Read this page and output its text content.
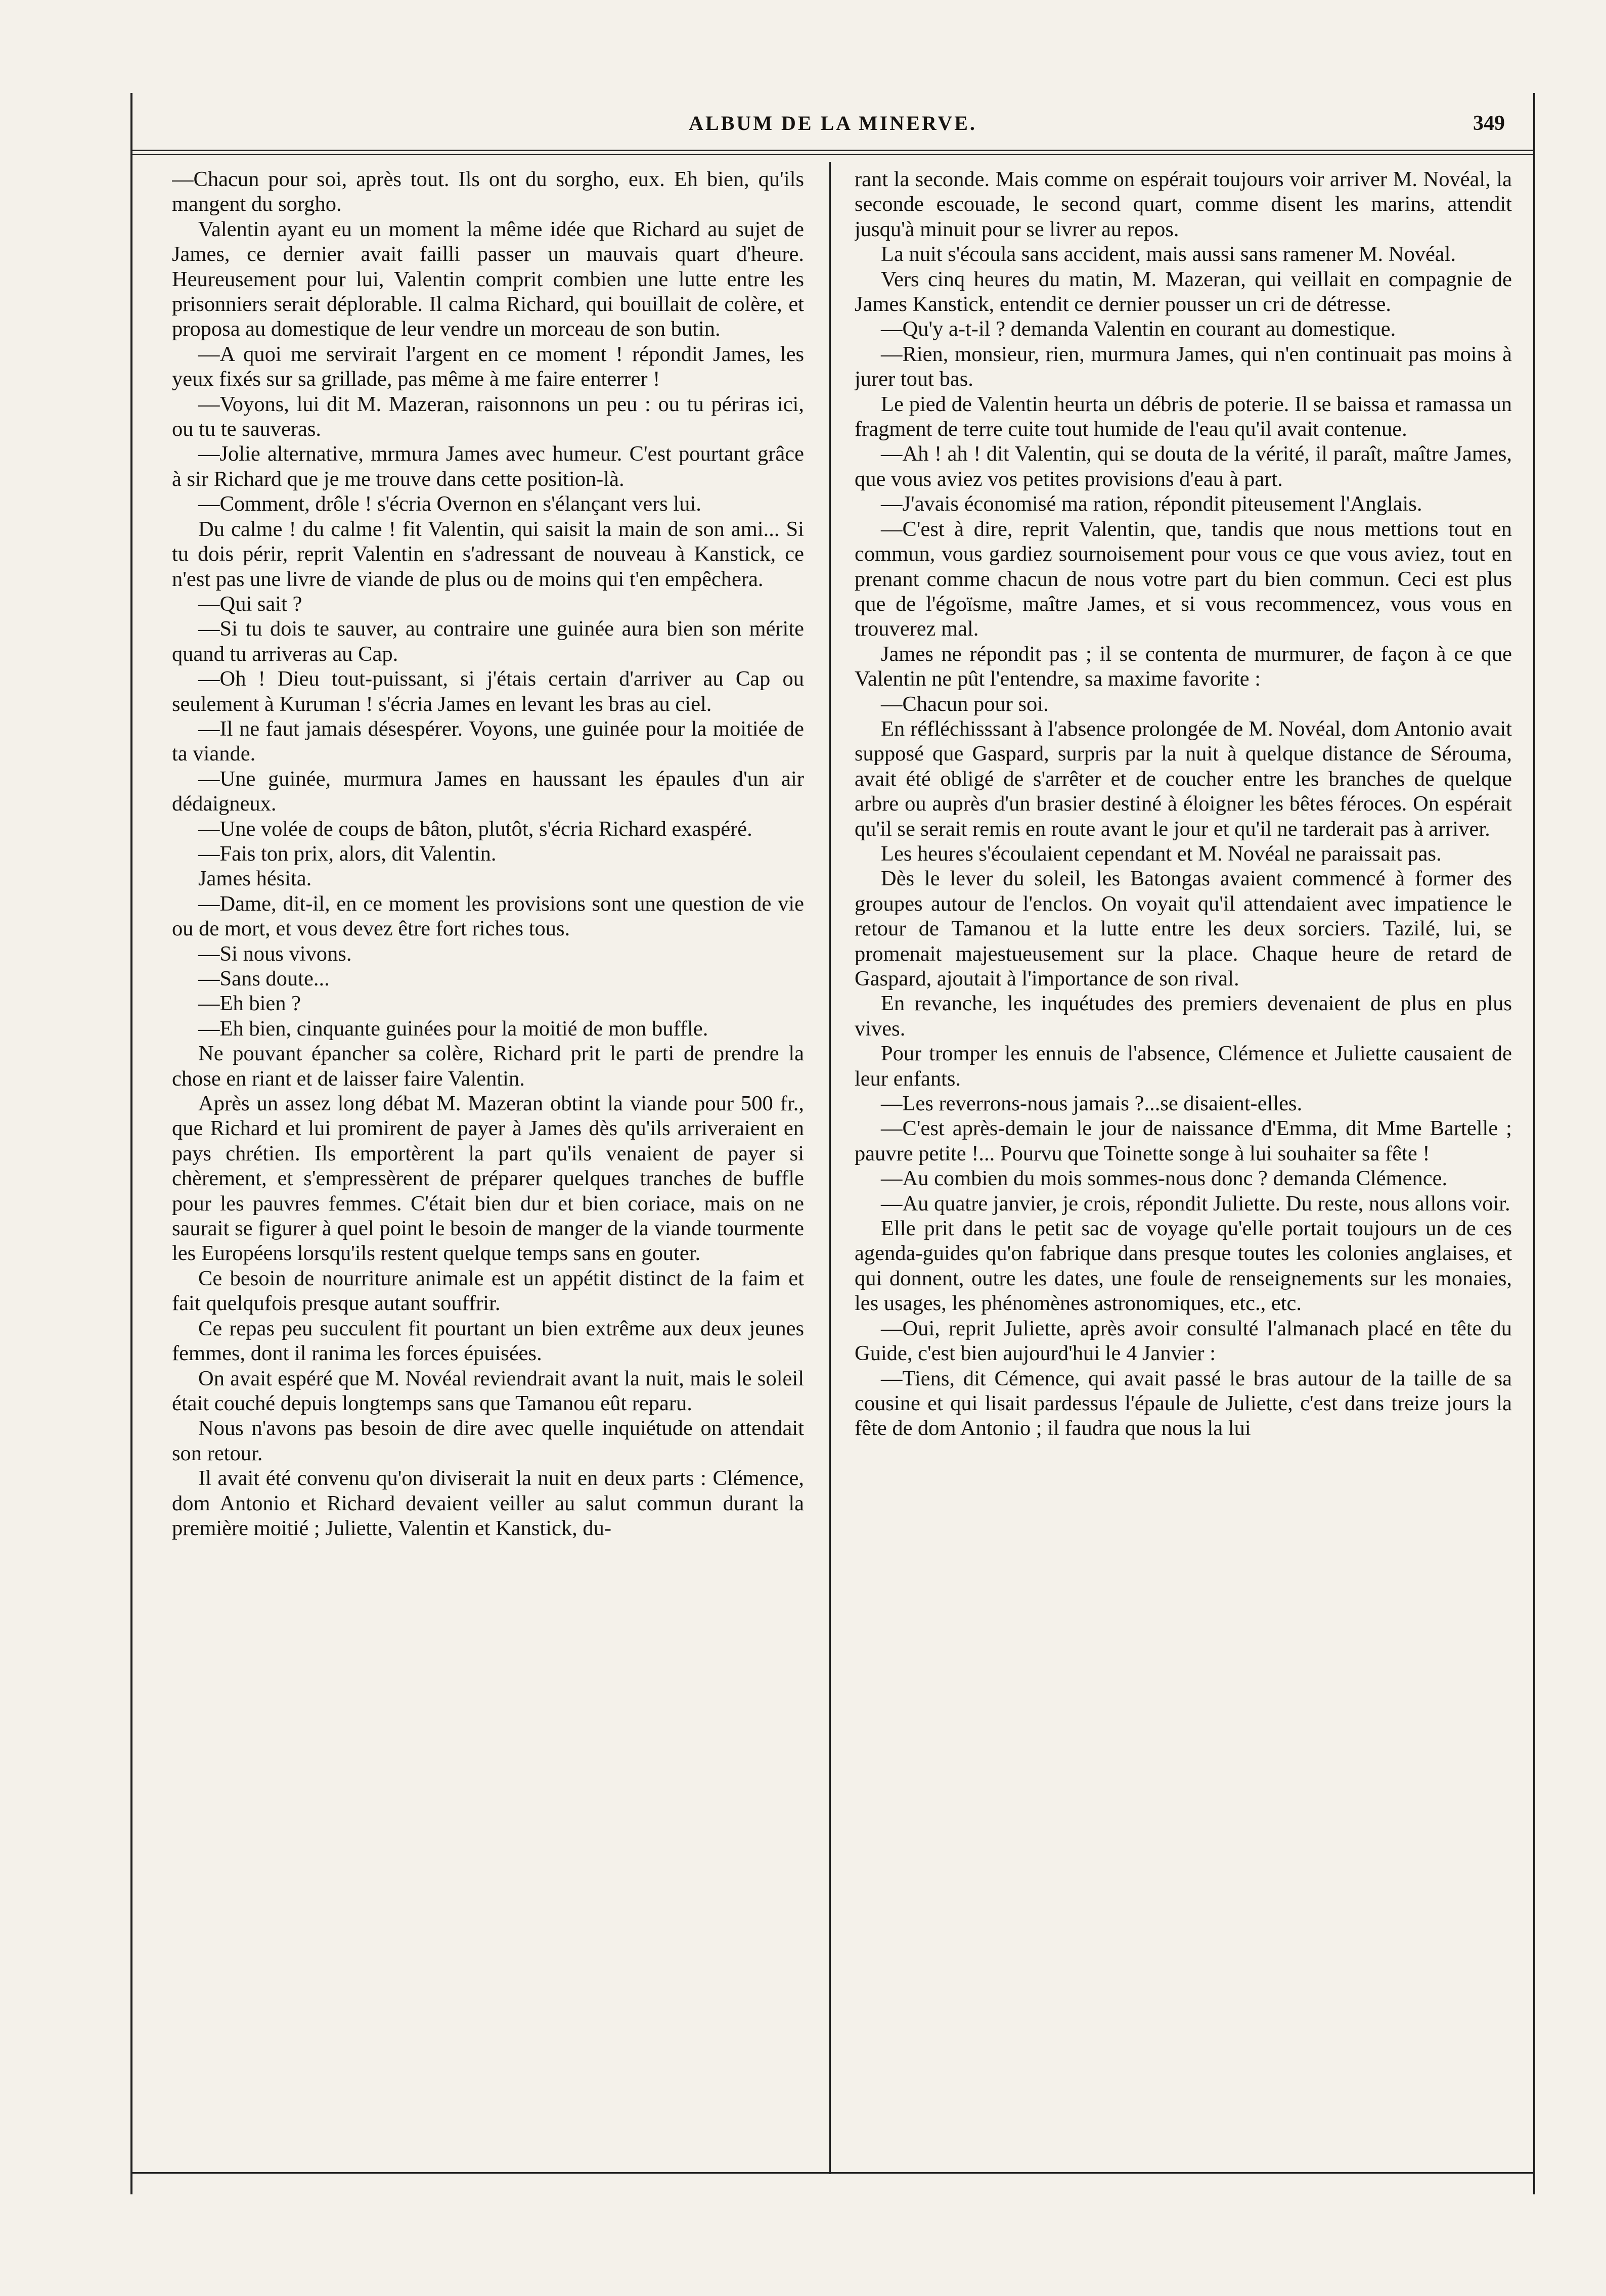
ALBUM DE LA MINERVE.	349

—Chacun pour soi, après tout. Ils ont du sorgho, eux. Eh bien, qu'ils mangent du sorgho.

Valentin ayant eu un moment la même idée que Richard au sujet de James, ce dernier avait failli passer un mauvais quart d'heure. Heureusement pour lui, Valentin comprit combien une lutte entre les prisonniers serait déplorable. Il calma Richard, qui bouillait de colère, et proposa au domestique de leur vendre un morceau de son butin.

—A quoi me servirait l'argent en ce moment ! répondit James, les yeux fixés sur sa grillade, pas même à me faire enterrer !

—Voyons, lui dit M. Mazeran, raisonnons un peu : ou tu périras ici, ou tu te sauveras.

—Jolie alternative, mrmura James avec humeur. C'est pourtant grâce à sir Richard que je me trouve dans cette position-là.

—Comment, drôle ! s'écria Overnon en s'élançant vers lui.

Du calme ! du calme ! fit Valentin, qui saisit la main de son ami... Si tu dois périr, reprit Valentin en s'adressant de nouveau à Kanstick, ce n'est pas une livre de viande de plus ou de moins qui t'en empêchera.

—Qui sait ?

—Si tu dois te sauver, au contraire une guinée aura bien son mérite quand tu arriveras au Cap.

—Oh ! Dieu tout-puissant, si j'étais certain d'arriver au Cap ou seulement à Kuruman ! s'écria James en levant les bras au ciel.

—Il ne faut jamais désespérer. Voyons, une guinée pour la moitiée de ta viande.

—Une guinée, murmura James en haussant les épaules d'un air dédaigneux.

—Une volée de coups de bâton, plutôt, s'écria Richard exaspéré.

—Fais ton prix, alors, dit Valentin.

James hésita.

—Dame, dit-il, en ce moment les provisions sont une question de vie ou de mort, et vous devez être fort riches tous.

—Si nous vivons.

—Sans doute...

—Eh bien ?

—Eh bien, cinquante guinées pour la moitié de mon buffle.

Ne pouvant épancher sa colère, Richard prit le parti de prendre la chose en riant et de laisser faire Valentin.

Après un assez long débat M. Mazeran obtint la viande pour 500 fr., que Richard et lui promirent de payer à James dès qu'ils arriveraient en pays chrétien. Ils emportèrent la part qu'ils venaient de payer si chèrement, et s'empressèrent de préparer quelques tranches de buffle pour les pauvres femmes. C'était bien dur et bien coriace, mais on ne saurait se figurer à quel point le besoin de manger de la viande tourmente les Européens lorsqu'ils restent quelque temps sans en gouter.

Ce besoin de nourriture animale est un appétit distinct de la faim et fait quelqufois presque autant souffrir.

Ce repas peu succulent fit pourtant un bien extrême aux deux jeunes femmes, dont il ranima les forces épuisées.

On avait espéré que M. Novéal reviendrait avant la nuit, mais le soleil était couché depuis longtemps sans que Tamanou eût reparu.

Nous n'avons pas besoin de dire avec quelle inquiétude on attendait son retour.

Il avait été convenu qu'on diviserait la nuit en deux parts : Clémence, dom Antonio et Richard devaient veiller au salut commun durant la première moitié ; Juliette, Valentin et Kanstick, du-

rant la seconde. Mais comme on espérait toujours voir arriver M. Novéal, la seconde escouade, le second quart, comme disent les marins, attendit jusqu'à minuit pour se livrer au repos.

La nuit s'écoula sans accident, mais aussi sans ramener M. Novéal.

Vers cinq heures du matin, M. Mazeran, qui veillait en compagnie de James Kanstick, entendit ce dernier pousser un cri de détresse.

—Qu'y a-t-il ? demanda Valentin en courant au domestique.

—Rien, monsieur, rien, murmura James, qui n'en continuait pas moins à jurer tout bas.

Le pied de Valentin heurta un débris de poterie. Il se baissa et ramassa un fragment de terre cuite tout humide de l'eau qu'il avait contenue.

—Ah ! ah ! dit Valentin, qui se douta de la vérité, il paraît, maître James, que vous aviez vos petites provisions d'eau à part.

—J'avais économisé ma ration, répondit piteusement l'Anglais.

—C'est à dire, reprit Valentin, que, tandis que nous mettions tout en commun, vous gardiez sournoisement pour vous ce que vous aviez, tout en prenant comme chacun de nous votre part du bien commun. Ceci est plus que de l'égoïsme, maître James, et si vous recommencez, vous vous en trouverez mal.

James ne répondit pas ; il se contenta de murmurer, de façon à ce que Valentin ne pût l'entendre, sa maxime favorite :

—Chacun pour soi.

En réfléchisssant à l'absence prolongée de M. Novéal, dom Antonio avait supposé que Gaspard, surpris par la nuit à quelque distance de Sérouma, avait été obligé de s'arrêter et de coucher entre les branches de quelque arbre ou auprès d'un brasier destiné à éloigner les bêtes féroces. On espérait qu'il se serait remis en route avant le jour et qu'il ne tarderait pas à arriver.

Les heures s'écoulaient cependant et M. Novéal ne paraissait pas.

Dès le lever du soleil, les Batongas avaient commencé à former des groupes autour de l'enclos. On voyait qu'il attendaient avec impatience le retour de Tamanou et la lutte entre les deux sorciers. Tazilé, lui, se promenait majestueusement sur la place. Chaque heure de retard de Gaspard, ajoutait à l'importance de son rival.

En revanche, les inquétudes des premiers devenaient de plus en plus vives.

Pour tromper les ennuis de l'absence, Clémence et Juliette causaient de leur enfants.

—Les reverrons-nous jamais ?...se disaient-elles.

—C'est après-demain le jour de naissance d'Emma, dit Mme Bartelle ; pauvre petite !... Pourvu que Toinette songe à lui souhaiter sa fête !

—Au combien du mois sommes-nous donc ? demanda Clémence.

—Au quatre janvier, je crois, répondit Juliette. Du reste, nous allons voir.

Elle prit dans le petit sac de voyage qu'elle portait toujours un de ces agenda-guides qu'on fabrique dans presque toutes les colonies anglaises, et qui donnent, outre les dates, une foule de renseignements sur les monaies, les usages, les phénomènes astronomiques, etc., etc.

—Oui, reprit Juliette, après avoir consulté l'almanach placé en tête du Guide, c'est bien aujourd'hui le 4 Janvier :

—Tiens, dit Cémence, qui avait passé le bras autour de la taille de sa cousine et qui lisait pardessus l'épaule de Juliette, c'est dans treize jours la fête de dom Antonio ; il faudra que nous la lui
